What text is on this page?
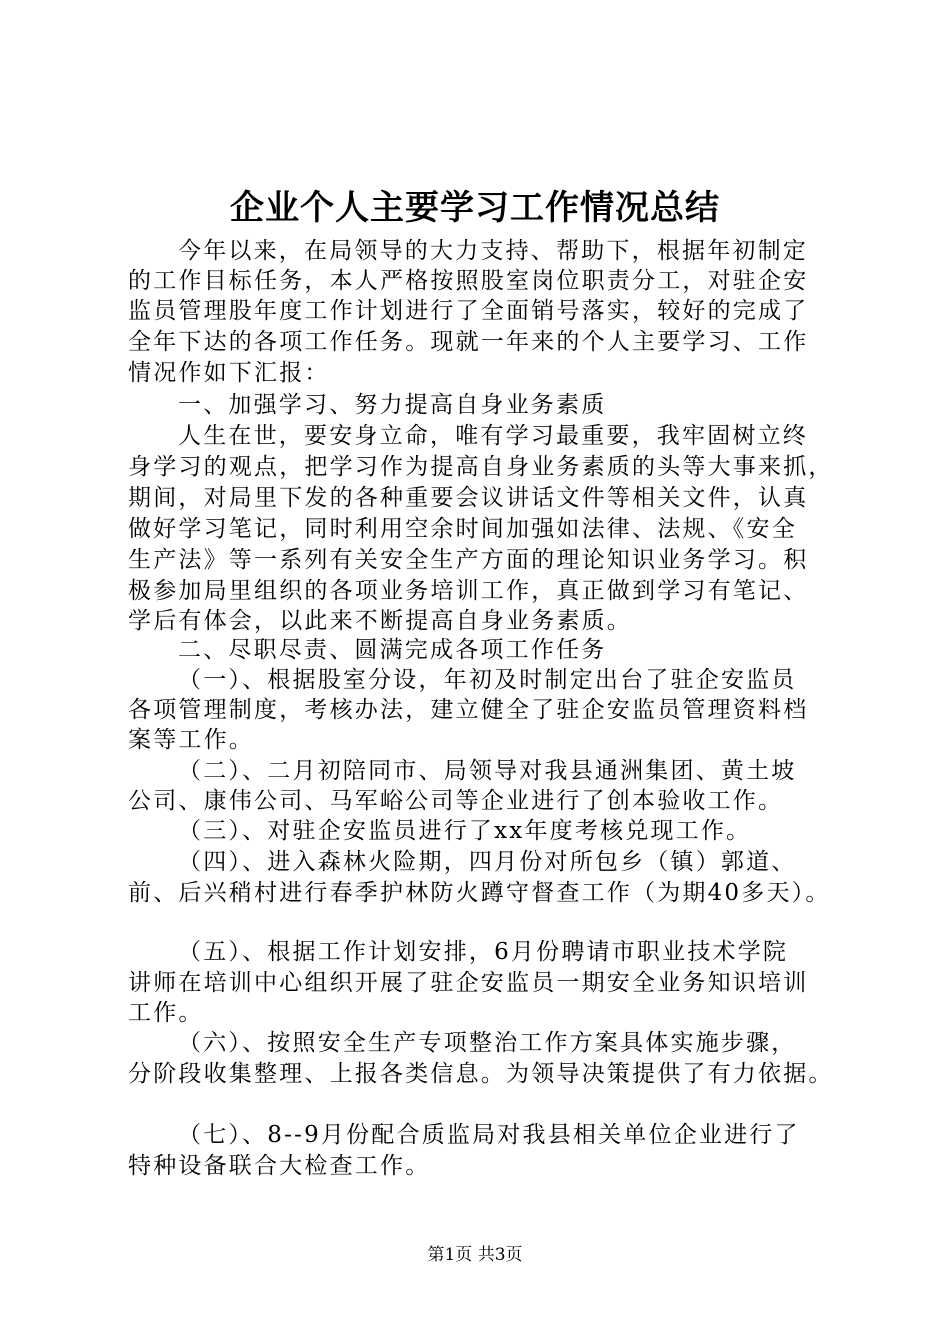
企业个人主要学习工作情况总结
今年以来，在局领导的大力支持、帮助下，根据年初制定
的工作目标任务，本人严格按照股室岗位职责分工，对驻企安
监员管理股年度工作计划进行了全面销号落实，较好的完成了
全年下达的各项工作任务。现就一年来的个人主要学习、工作
情况作如下汇报：
一、加强学习、努力提高自身业务素质
人生在世，要安身立命，唯有学习最重要，我牢固树立终
身学习的观点，把学习作为提高自身业务素质的头等大事来抓，
期间，对局里下发的各种重要会议讲话文件等相关文件，认真
做好学习笔记，同时利用空余时间加强如法律、法规、《安全
生产法》等一系列有关安全生产方面的理论知识业务学习。积
极参加局里组织的各项业务培训工作，真正做到学习有笔记、
学后有体会，以此来不断提高自身业务素质。
二、尽职尽责、圆满完成各项工作任务
（一）、根据股室分设，年初及时制定出台了驻企安监员
各项管理制度，考核办法，建立健全了驻企安监员管理资料档
案等工作。
（二）、二月初陪同市、局领导对我县通洲集团、黄土坡
公司、康伟公司、马军峪公司等企业进行了创本验收工作。
（三）、对驻企安监员进行了xx年度考核兑现工作。
（四）、进入森林火险期，四月份对所包乡（镇）郭道、
前、后兴稍村进行春季护林防火蹲守督查工作（为期40多天）。
（五）、根据工作计划安排，6月份聘请市职业技术学院
讲师在培训中心组织开展了驻企安监员一期安全业务知识培训
工作。
（六）、按照安全生产专项整治工作方案具体实施步骤，
分阶段收集整理、上报各类信息。为领导决策提供了有力依据。
（七）、8--9月份配合质监局对我县相关单位企业进行了
特种设备联合大检查工作。
第1页 共3页
